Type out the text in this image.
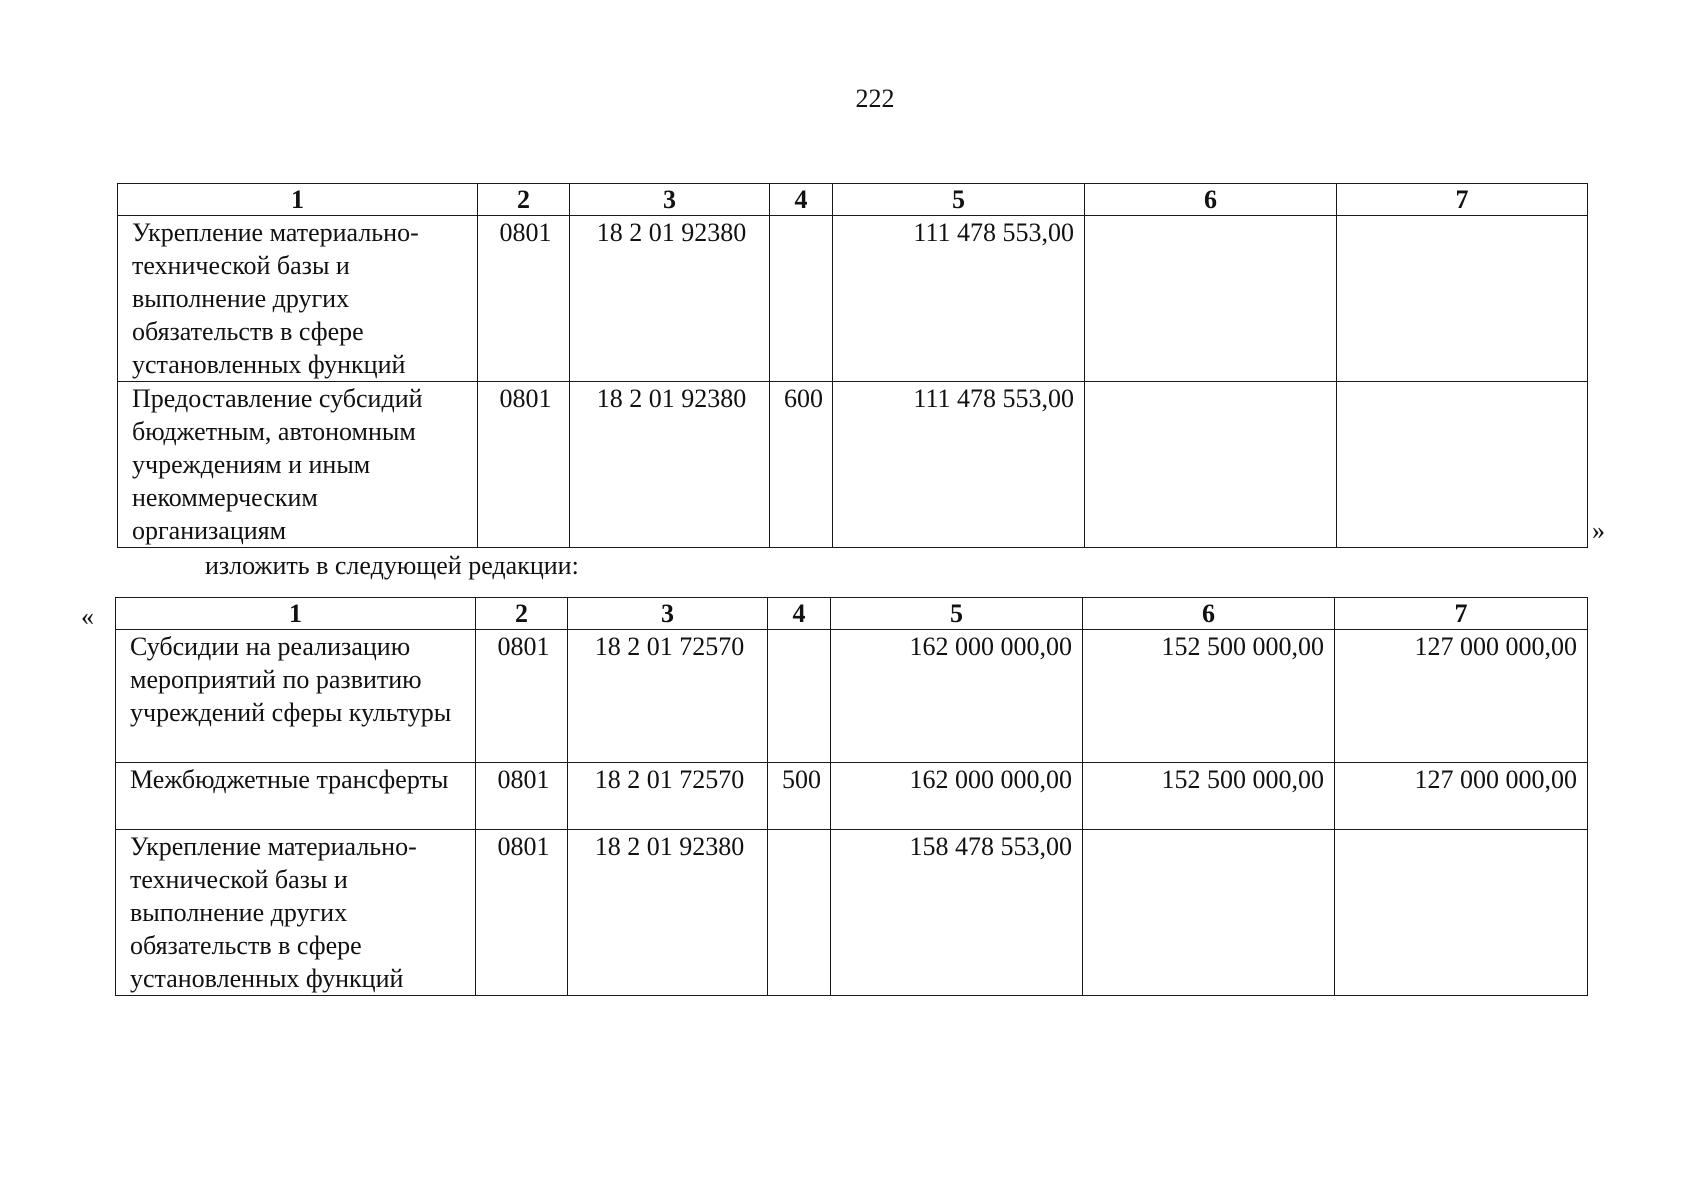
222
1	2	3	4	5	6	7
Укрепление материально-технической базы и выполнение других обязательств в сфере установленных функций	0801	18 2 01 92380		111 478 553,00		
Предоставление субсидий бюджетным, автономным учреждениям и иным некоммерческим организациям	0801	18 2 01 92380	600	111 478 553,00		
»
изложить в следующей редакции:
«	1	2	3	4	5	6	7
Субсидии на реализацию мероприятий по развитию учреждений сферы культуры	0801	18 2 01 72570		162 000 000,00	152 500 000,00	127 000 000,00
Межбюджетные трансферты	0801	18 2 01 72570	500	162 000 000,00	152 500 000,00	127 000 000,00
Укрепление материально-технической базы и выполнение других обязательств в сфере установленных функций	0801	18 2 01 92380		158 478 553,00		
